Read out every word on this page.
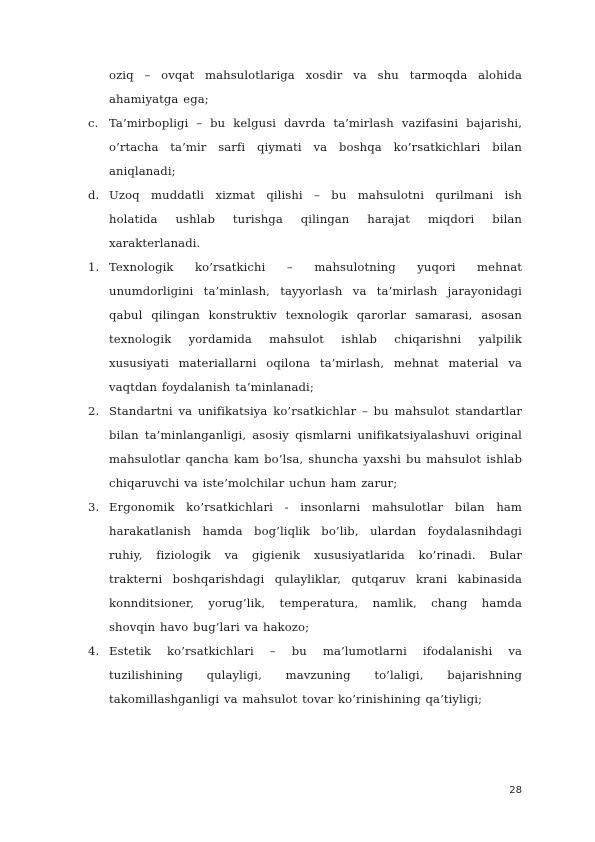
oziq – ovqat mahsulotlariga xosdir va shu tarmoqda alohida ahamiyatga ega;

c. Ta’mirbopligi – bu kelgusi davrda ta’mirlash vazifasini bajarishi, o’rtacha ta’mir sarfi qiymati va boshqa ko’rsatkichlari bilan aniqlanadi;

d. Uzoq muddatli xizmat qilishi – bu mahsulotni qurilmani ish holatida ushlab turishga qilingan harajat miqdori bilan xarakterlanadi.

1. Texnologik ko’rsatkichi – mahsulotning yuqori mehnat unumdorligini ta’minlash, tayyorlash va ta’mirlash jarayonidagi qabul qilingan konstruktiv texnologik qarorlar samarasi, asosan texnologik yordamida mahsulot ishlab chiqarishni yalpilik xususiyati materiallarni oqilona ta’mirlash, mehnat material va vaqtdan foydalanish ta’minlanadi;

2. Standartni va unifikatsiya ko’rsatkichlar – bu mahsulot standartlar bilan ta’minlanganligi, asosiy qismlarni unifikatsiyalashuvi original mahsulotlar qancha kam bo’lsa, shuncha yaxshi bu mahsulot ishlab chiqaruvchi va iste’molchilar uchun ham zarur;

3. Ergonomik ko’rsatkichlari - insonlarni mahsulotlar bilan ham harakatlanish hamda bog’liqlik bo’lib, ulardan foydalasnihdagi ruhiy, fiziologik va gigienik xususiyatlarida ko’rinadi. Bular trakterni boshqarishdagi qulayliklar, qutqaruv krani kabinasida konnditsioner, yorug’lik, temperatura, namlik, chang hamda shovqin havo bug’lari va hakozo;

4. Estetik ko’rsatkichlari – bu ma’lumotlarni ifodalanishi va tuzilishining qulayligi, mavzuning to’laligi, bajarishning takomillashganligi va mahsulot tovar ko’rinishining qa’tiyligi;

28
